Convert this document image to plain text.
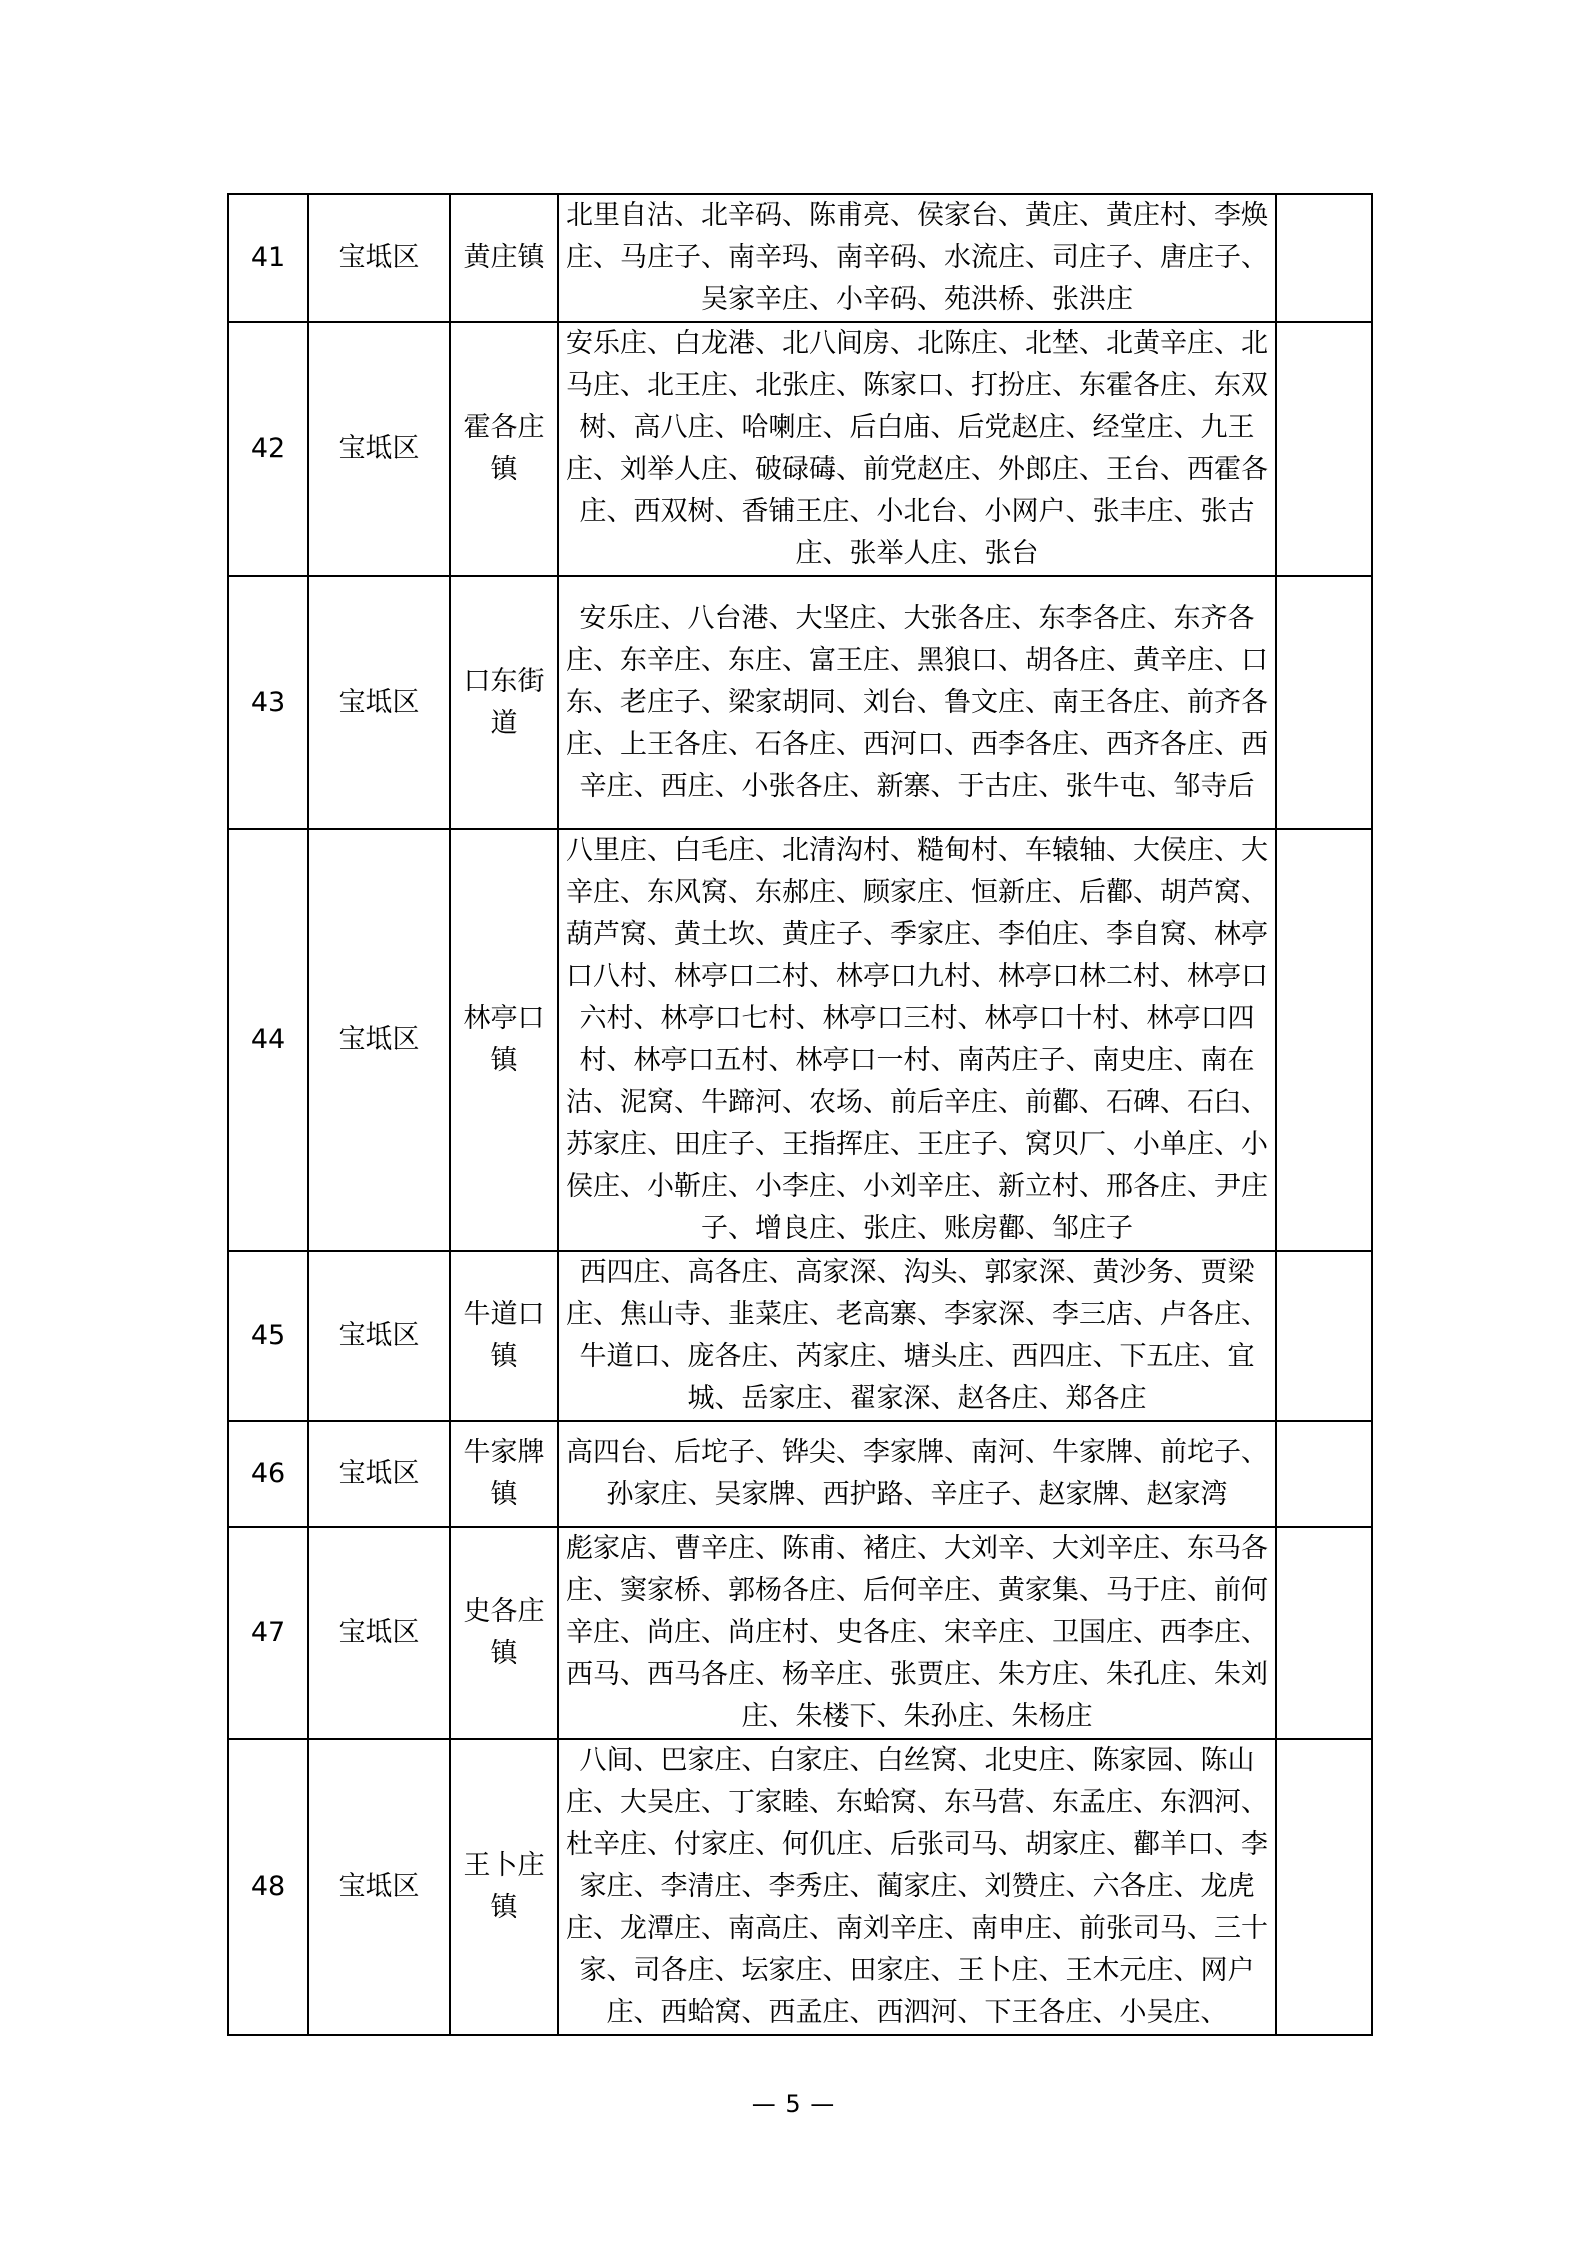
41	宝坻区	黄庄镇	北里自沽、北辛码、陈甫亮、侯家台、黄庄、黄庄村、李焕庄、马庄子、南辛玛、南辛码、水流庄、司庄子、唐庄子、吴家辛庄、小辛码、苑洪桥、张洪庄	
42	宝坻区	霍各庄镇	安乐庄、白龙港、北八间房、北陈庄、北埜、北黄辛庄、北马庄、北王庄、北张庄、陈家口、打扮庄、东霍各庄、东双树、高八庄、哈喇庄、后白庙、后党赵庄、经堂庄、九王庄、刘举人庄、破碌碡、前党赵庄、外郎庄、王台、西霍各庄、西双树、香铺王庄、小北台、小网户、张丰庄、张古庄、张举人庄、张台	
43	宝坻区	口东街道	安乐庄、八台港、大坚庄、大张各庄、东李各庄、东齐各庄、东辛庄、东庄、富王庄、黑狼口、胡各庄、黄辛庄、口东、老庄子、梁家胡同、刘台、鲁文庄、南王各庄、前齐各庄、上王各庄、石各庄、西河口、西李各庄、西齐各庄、西辛庄、西庄、小张各庄、新寨、于古庄、张牛屯、邹寺后	
44	宝坻区	林亭口镇	八里庄、白毛庄、北清沟村、糙甸村、车辕轴、大侯庄、大辛庄、东风窝、东郝庄、顾家庄、恒新庄、后酄、胡芦窝、葫芦窝、黄土坎、黄庄子、季家庄、李伯庄、李自窝、林亭口八村、林亭口二村、林亭口九村、林亭口林二村、林亭口六村、林亭口七村、林亭口三村、林亭口十村、林亭口四村、林亭口五村、林亭口一村、南芮庄子、南史庄、南在沽、泥窝、牛蹄河、农场、前后辛庄、前酄、石碑、石臼、苏家庄、田庄子、王指挥庄、王庄子、窝贝厂、小单庄、小侯庄、小靳庄、小李庄、小刘辛庄、新立村、邢各庄、尹庄子、增良庄、张庄、账房酄、邹庄子	
45	宝坻区	牛道口镇	西四庄、高各庄、高家深、沟头、郭家深、黄沙务、贾梁庄、焦山寺、韭菜庄、老高寨、李家深、李三店、卢各庄、牛道口、庞各庄、芮家庄、塘头庄、西四庄、下五庄、宜城、岳家庄、翟家深、赵各庄、郑各庄	
46	宝坻区	牛家牌镇	高四台、后坨子、铧尖、李家牌、南河、牛家牌、前坨子、孙家庄、吴家牌、西护路、辛庄子、赵家牌、赵家湾	
47	宝坻区	史各庄镇	彪家店、曹辛庄、陈甫、褚庄、大刘辛、大刘辛庄、东马各庄、窦家桥、郭杨各庄、后何辛庄、黄家集、马于庄、前何辛庄、尚庄、尚庄村、史各庄、宋辛庄、卫国庄、西李庄、西马、西马各庄、杨辛庄、张贾庄、朱方庄、朱孔庄、朱刘庄、朱楼下、朱孙庄、朱杨庄	
48	宝坻区	王卜庄镇	八间、巴家庄、白家庄、白丝窝、北史庄、陈家园、陈山庄、大吴庄、丁家睦、东蛤窝、东马营、东孟庄、东泗河、杜辛庄、付家庄、何仉庄、后张司马、胡家庄、酄羊口、李家庄、李清庄、李秀庄、蔺家庄、刘赞庄、六各庄、龙虎庄、龙潭庄、南高庄、南刘辛庄、南申庄、前张司马、三十家、司各庄、坛家庄、田家庄、王卜庄、王木元庄、网户庄、西蛤窝、西孟庄、西泗河、下王各庄、小吴庄、	
— 5 —
